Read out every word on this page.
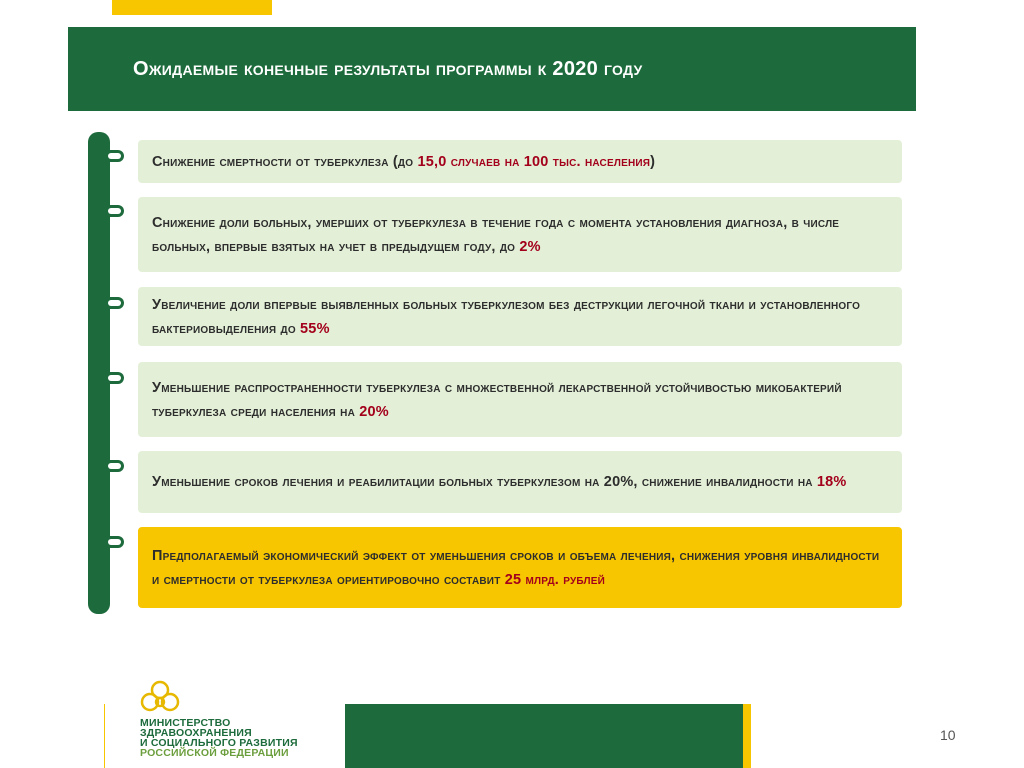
Ожидаемые конечные результаты программы к 2020 году

Снижение смертности от туберкулеза (до 15,0 случаев на 100 тыс. населения)

Снижение доли больных, умерших от туберкулеза в течение года с момента установления диагноза, в числе больных, впервые взятых на учет в предыдущем году, до 2%

Увеличение доли впервые выявленных больных туберкулезом без деструкции легочной ткани и установленного бактериовыделения до 55%

Уменьшение распространенности туберкулеза с множественной лекарственной устойчивостью микобактерий туберкулеза среди населения на 20%

Уменьшение сроков лечения и реабилитации больных туберкулезом на 20%, снижение инвалидности на 18%

Предполагаемый экономический эффект от уменьшения сроков и объема лечения, снижения уровня инвалидности и смертности от туберкулеза ориентировочно составит 25 млрд. рублей

МИНИСТЕРСТВО
ЗДРАВООХРАНЕНИЯ
И СОЦИАЛЬНОГО РАЗВИТИЯ
РОССИЙСКОЙ ФЕДЕРАЦИИ
10
